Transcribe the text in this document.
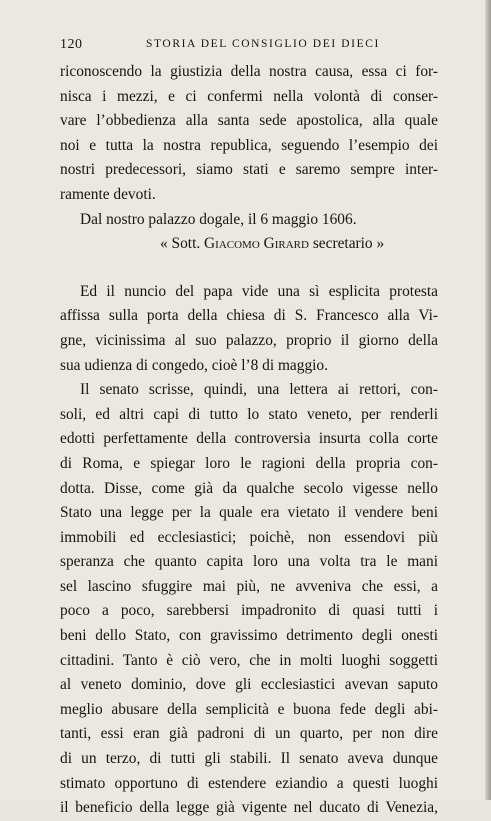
120	STORIA DEL CONSIGLIO DEI DIECI
riconoscendo la giustizia della nostra causa, essa ci for-
nisca i mezzi, e ci confermi nella volontà di conser-
vare l’obbedienza alla santa sede apostolica, alla quale
noi e tutta la nostra republica, seguendo l’esempio dei
nostri predecessori, siamo stati e saremo sempre inter-
ramente devoti.
Dal nostro palazzo dogale, il 6 maggio 1606.
« Sott. Giacomo Girard secretario »
Ed il nuncio del papa vide una sì esplicita protesta
affissa sulla porta della chiesa di S. Francesco alla Vi-
gne, vicinissima al suo palazzo, proprio il giorno della
sua udienza di congedo, cioè l’8 di maggio.
Il senato scrisse, quindi, una lettera ai rettori, con-
soli, ed altri capi di tutto lo stato veneto, per renderli
edotti perfettamente della controversia insurta colla corte
di Roma, e spiegar loro le ragioni della propria con-
dotta. Disse, come già da qualche secolo vigesse nello
Stato una legge per la quale era vietato il vendere beni
immobili ed ecclesiastici; poichè, non essendovi più
speranza che quanto capita loro una volta tra le mani
sel lascino sfuggire mai più, ne avveniva che essi, a
poco a poco, sarebbersi impadronito di quasi tutti i
beni dello Stato, con gravissimo detrimento degli onesti
cittadini. Tanto è ciò vero, che in molti luoghi soggetti
al veneto dominio, dove gli ecclesiastici avevan saputo
meglio abusare della semplicità e buona fede degli abi-
tanti, essi eran già padroni di un quarto, per non dire
di un terzo, di tutti gli stabili. Il senato aveva dunque
stimato opportuno di estendere eziandio a questi luoghi
il beneficio della legge già vigente nel ducato di Venezia,
